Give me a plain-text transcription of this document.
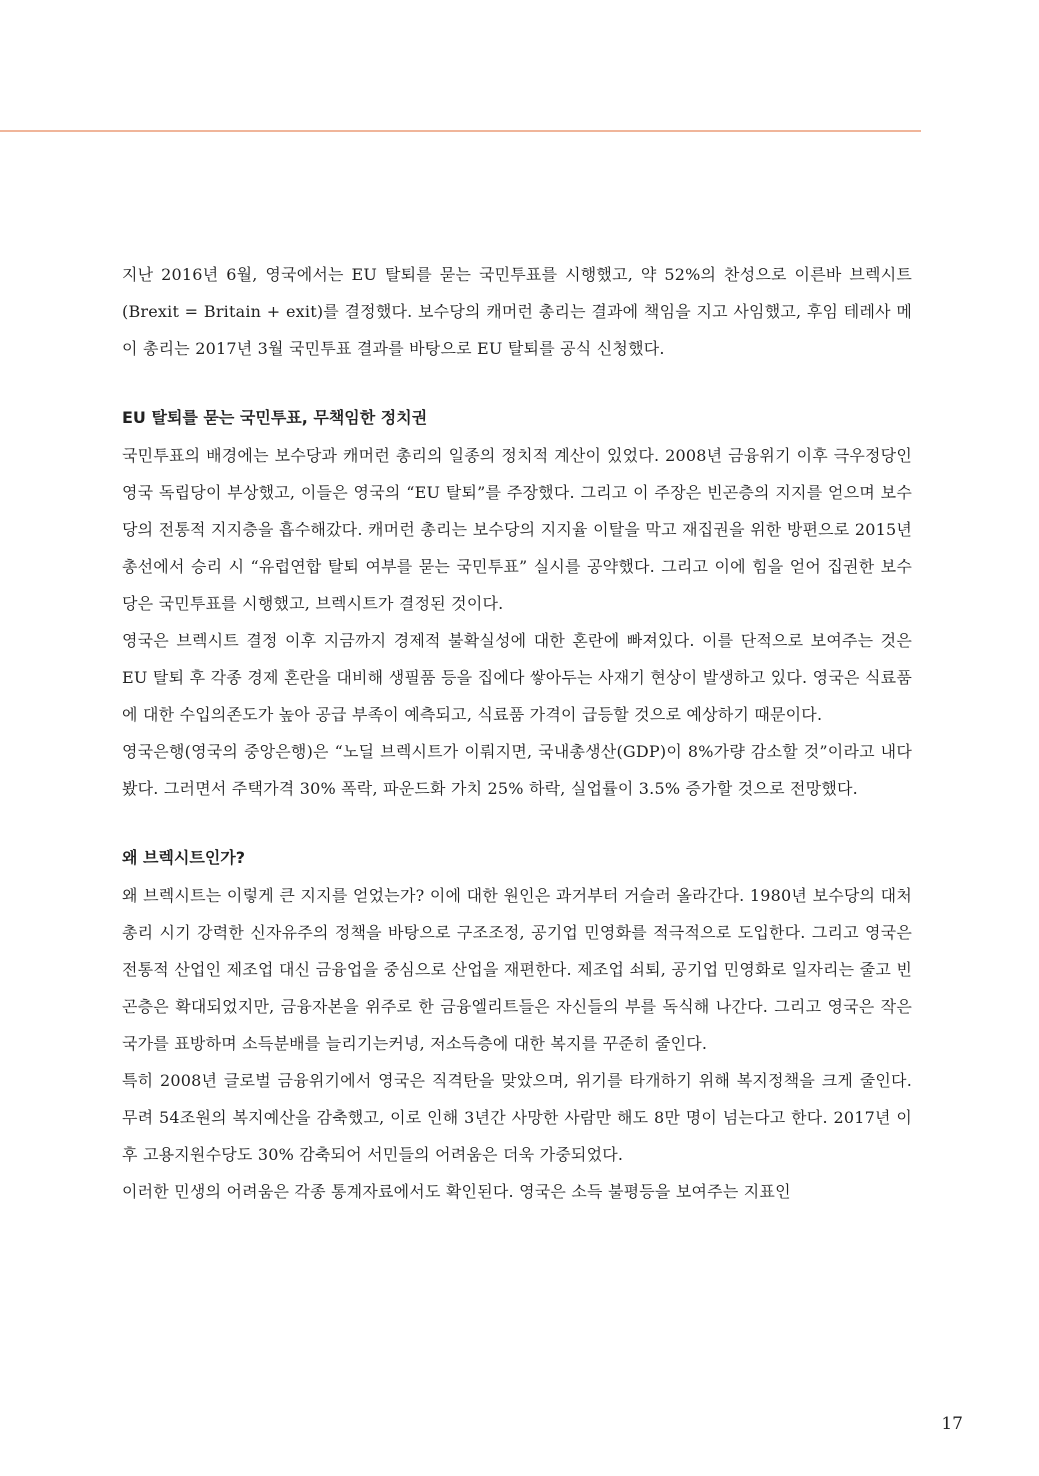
지난 2016년 6월, 영국에서는 EU 탈퇴를 묻는 국민투표를 시행했고, 약 52%의 찬성으로 이른바 브렉시트 (Brexit = Britain + exit)를 결정했다. 보수당의 캐머런 총리는 결과에 책임을 지고 사임했고, 후임 테레사 메이 총리는 2017년 3월 국민투표 결과를 바탕으로 EU 탈퇴를 공식 신청했다.

EU 탈퇴를 묻는 국민투표, 무책임한 정치권

국민투표의 배경에는 보수당과 캐머런 총리의 일종의 정치적 계산이 있었다. 2008년 금융위기 이후 극우정당인 영국 독립당이 부상했고, 이들은 영국의 “EU 탈퇴”를 주장했다. 그리고 이 주장은 빈곤층의 지지를 얻으며 보수당의 전통적 지지층을 흡수해갔다. 캐머런 총리는 보수당의 지지율 이탈을 막고 재집권을 위한 방편으로 2015년 총선에서 승리 시 “유럽연합 탈퇴 여부를 묻는 국민투표” 실시를 공약했다. 그리고 이에 힘을 얻어 집권한 보수당은 국민투표를 시행했고, 브렉시트가 결정된 것이다.

영국은 브렉시트 결정 이후 지금까지 경제적 불확실성에 대한 혼란에 빠져있다. 이를 단적으로 보여주는 것은 EU 탈퇴 후 각종 경제 혼란을 대비해 생필품 등을 집에다 쌓아두는 사재기 현상이 발생하고 있다. 영국은 식료품에 대한 수입의존도가 높아 공급 부족이 예측되고, 식료품 가격이 급등할 것으로 예상하기 때문이다.

영국은행(영국의 중앙은행)은 “노딜 브렉시트가 이뤄지면, 국내총생산(GDP)이 8%가량 감소할 것”이라고 내다봤다. 그러면서 주택가격 30% 폭락, 파운드화 가치 25% 하락, 실업률이 3.5% 증가할 것으로 전망했다.

왜 브렉시트인가?

왜 브렉시트는 이렇게 큰 지지를 얻었는가? 이에 대한 원인은 과거부터 거슬러 올라간다. 1980년 보수당의 대처 총리 시기 강력한 신자유주의 정책을 바탕으로 구조조정, 공기업 민영화를 적극적으로 도입한다. 그리고 영국은 전통적 산업인 제조업 대신 금융업을 중심으로 산업을 재편한다. 제조업 쇠퇴, 공기업 민영화로 일자리는 줄고 빈곤층은 확대되었지만, 금융자본을 위주로 한 금융엘리트들은 자신들의 부를 독식해 나간다. 그리고 영국은 작은 국가를 표방하며 소득분배를 늘리기는커녕, 저소득층에 대한 복지를 꾸준히 줄인다.

특히 2008년 글로벌 금융위기에서 영국은 직격탄을 맞았으며, 위기를 타개하기 위해 복지정책을 크게 줄인다. 무려 54조원의 복지예산을 감축했고, 이로 인해 3년간 사망한 사람만 해도 8만 명이 넘는다고 한다. 2017년 이후 고용지원수당도 30% 감축되어 서민들의 어려움은 더욱 가중되었다.

이러한 민생의 어려움은 각종 통계자료에서도 확인된다. 영국은 소득 불평등을 보여주는 지표인

17
